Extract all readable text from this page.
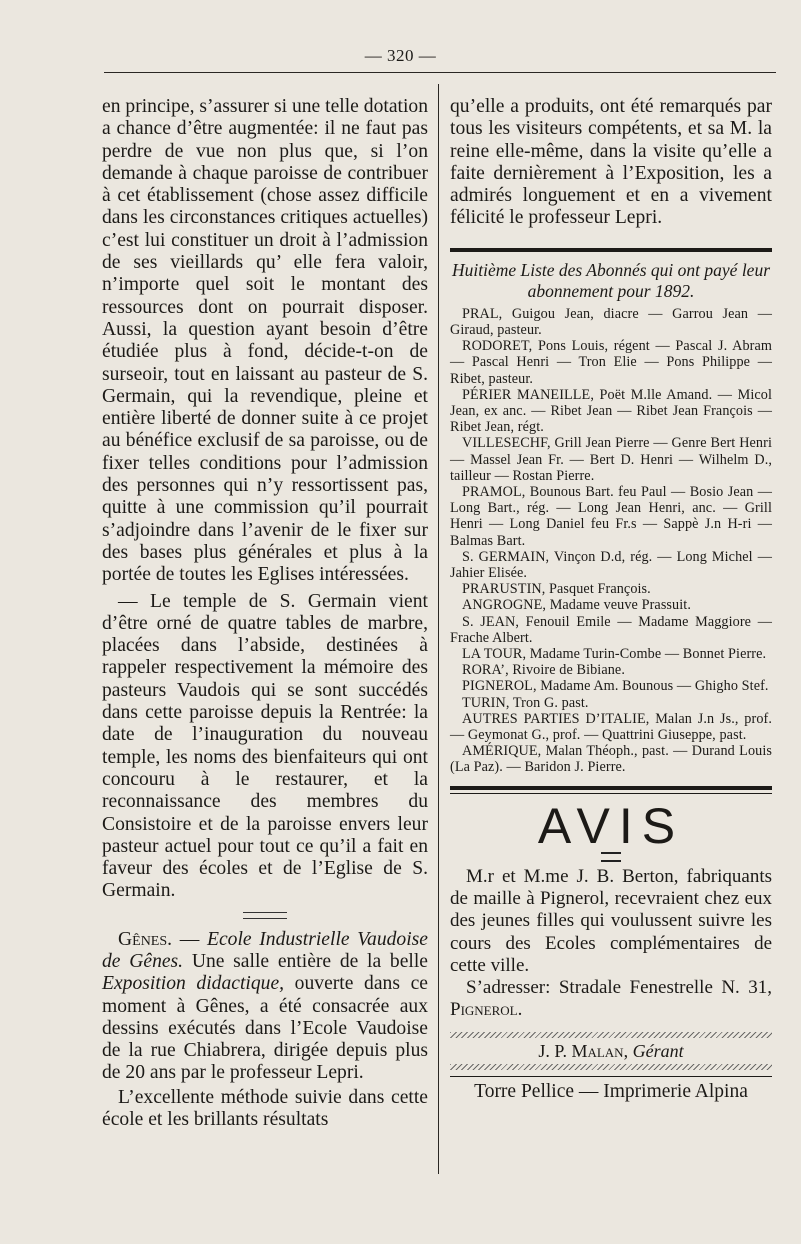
— 320 —

en principe, s’assurer si une telle dotation a chance d’être augmentée: il ne faut pas perdre de vue non plus que, si l’on demande à chaque paroisse de contribuer à cet établissement (chose assez difficile dans les circonstances critiques actuelles) c’est lui constituer un droit à l’admission de ses vieillards qu’ elle fera valoir, n’importe quel soit le montant des ressources dont on pourrait disposer. Aussi, la question ayant besoin d’être étudiée plus à fond, décide-t-on de surseoir, tout en laissant au pasteur de S. Germain, qui la revendique, pleine et entière liberté de donner suite à ce projet au bénéfice exclusif de sa paroisse, ou de fixer telles conditions pour l’admission des personnes qui n’y ressortissent pas, quitte à une commission qu’il pourrait s’adjoindre dans l’avenir de le fixer sur des bases plus générales et plus à la portée de toutes les Eglises intéressées.

— Le temple de S. Germain vient d’être orné de quatre tables de marbre, placées dans l’abside, destinées à rappeler respectivement la mémoire des pasteurs Vaudois qui se sont succédés dans cette paroisse depuis la Rentrée: la date de l’inauguration du nouveau temple, les noms des bienfaiteurs qui ont concouru à le restaurer, et la reconnaissance des membres du Consistoire et de la paroisse envers leur pasteur actuel pour tout ce qu’il a fait en faveur des écoles et de l’Eglise de S. Germain.

Gênes. — Ecole Industrielle Vaudoise de Gênes. Une salle entière de la belle Exposition didactique, ouverte dans ce moment à Gênes, a été consacrée aux dessins exécutés dans l’Ecole Vaudoise de la rue Chiabrera, dirigée depuis plus de 20 ans par le professeur Lepri.

L’excellente méthode suivie dans cette école et les brillants résultats

qu’elle a produits, ont été remarqués par tous les visiteurs compétents, et sa M. la reine elle-même, dans la visite qu’elle a faite dernièrement à l’Exposition, les a admirés longuement et en a vivement félicité le professeur Lepri.

Huitième Liste des Abonnés qui ont payé leur abonnement pour 1892.

PRAL, Guigou Jean, diacre — Garrou Jean — Giraud, pasteur.
RODORET, Pons Louis, régent — Pascal J. Abram — Pascal Henri — Tron Elie — Pons Philippe — Ribet, pasteur.
PÉRIER MANEILLE, Poët M.lle Amand. — Micol Jean, ex anc. — Ribet Jean — Ribet Jean François — Ribet Jean, régt.
VILLESECHF, Grill Jean Pierre — Genre Bert Henri — Massel Jean Fr. — Bert D. Henri — Wilhelm D., tailleur — Rostan Pierre.
PRAMOL, Bounous Bart. feu Paul — Bosio Jean — Long Bart., rég. — Long Jean Henri, anc. — Grill Henri — Long Daniel feu Fr.s — Sappè J.n H-ri — Balmas Bart.
S. GERMAIN, Vinçon D.d, rég. — Long Michel — Jahier Elisée.
PRARUSTIN, Pasquet François.
ANGROGNE, Madame veuve Prassuit.
S. JEAN, Fenouil Emile — Madame Maggiore — Frache Albert.
LA TOUR, Madame Turin-Combe — Bonnet Pierre.
RORA’, Rivoire de Bibiane.
PIGNEROL, Madame Am. Bounous — Ghigho Stef.
TURIN, Tron G. past.
AUTRES PARTIES D’ITALIE, Malan J.n Js., prof. — Geymonat G., prof. — Quattrini Giuseppe, past.
AMÉRIQUE, Malan Théoph., past. — Durand Louis (La Paz). — Baridon J. Pierre.
AVIS

M.r et M.me J. B. Berton, fabriquants de maille à Pignerol, recevraient chez eux des jeunes filles qui voulussent suivre les cours des Ecoles complémentaires de cette ville.

S’adresser: Stradale Fenestrelle N. 31, Pignerol.

J. P. Malan, Gérant

Torre Pellice — Imprimerie Alpina
